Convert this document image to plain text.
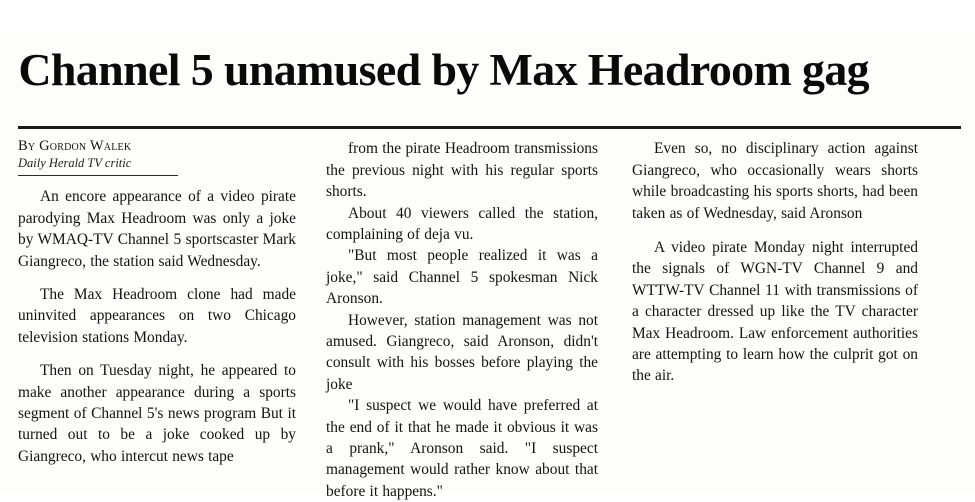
Channel 5 unamused by Max Headroom gag
By Gordon Walek
Daily Herald TV critic

An encore appearance of a video pirate parodying Max Headroom was only a joke by WMAQ-TV Channel 5 sportscaster Mark Giangreco, the station said Wednesday.

The Max Headroom clone had made uninvited appearances on two Chicago television stations Monday.

Then on Tuesday night, he appeared to make another appearance during a sports segment of Channel 5's news program But it turned out to be a joke cooked up by Giangreco, who intercut news tape

from the pirate Headroom transmissions the previous night with his regular sports shorts.

About 40 viewers called the station, complaining of deja vu.

"But most people realized it was a joke," said Channel 5 spokesman Nick Aronson.

However, station management was not amused. Giangreco, said Aronson, didn't consult with his bosses before playing the joke

"I suspect we would have preferred at the end of it that he made it obvious it was a prank," Aronson said. "I suspect management would rather know about that before it happens."

Even so, no disciplinary action against Giangreco, who occasionally wears shorts while broadcasting his sports shorts, had been taken as of Wednesday, said Aronson

A video pirate Monday night interrupted the signals of WGN-TV Channel 9 and WTTW-TV Channel 11 with transmissions of a character dressed up like the TV character Max Headroom. Law enforcement authorities are attempting to learn how the culprit got on the air.
